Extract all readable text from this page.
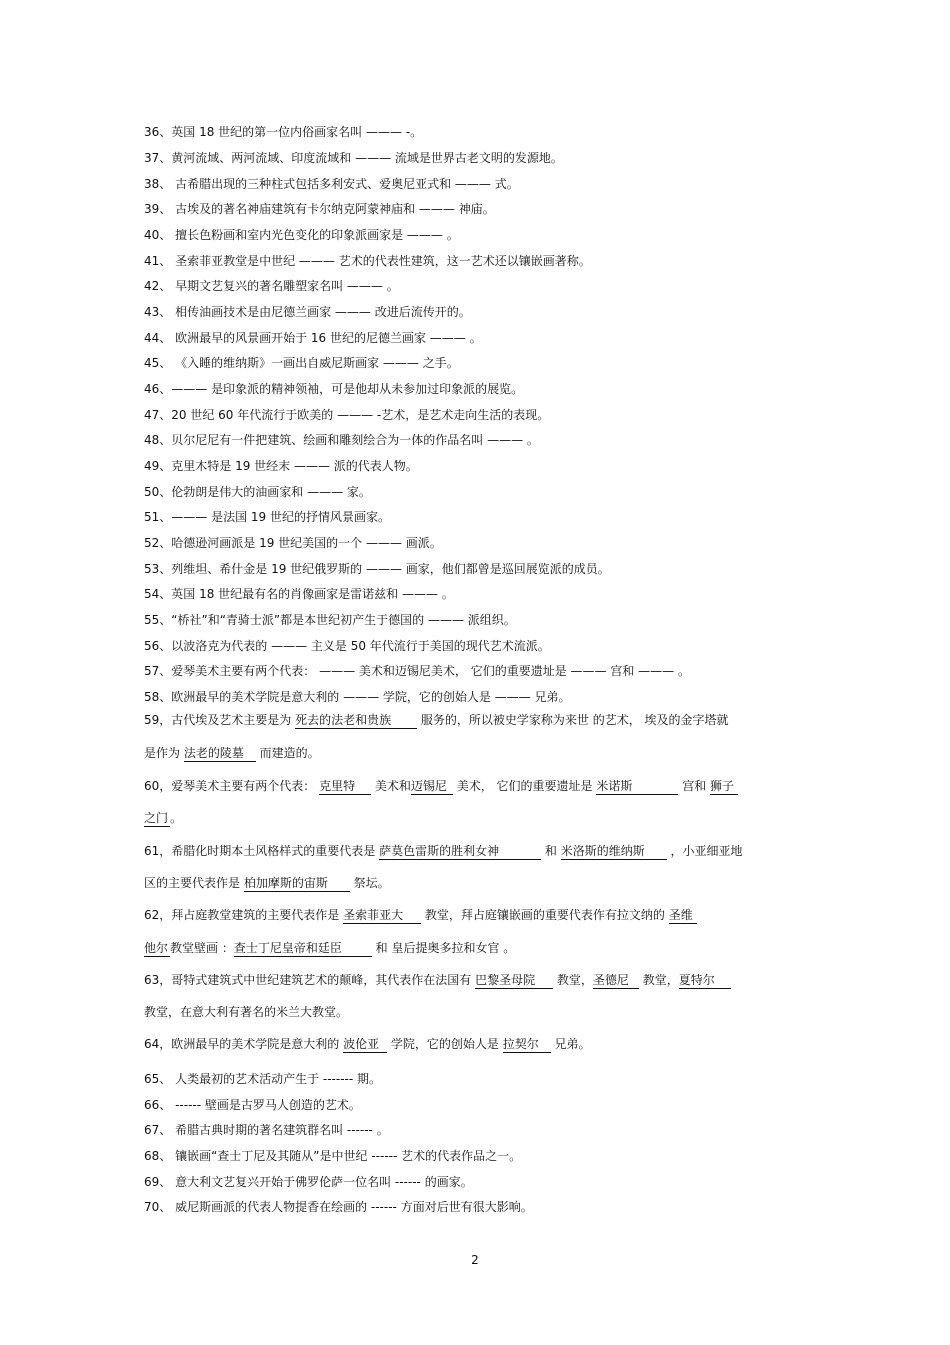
36、英国 18 世纪的第一位内俗画家名叫 ——— -。
37、黄河流域、两河流域、印度流域和 ——— 流域是世界古老文明的发源地。
38、 古希腊出现的三种柱式包括多利安式、爱奥尼亚式和 ——— 式。
39、 古埃及的著名神庙建筑有卡尔纳克阿蒙神庙和 ——— 神庙。
40、 擅长色粉画和室内光色变化的印象派画家是 ——— 。
41、 圣索菲亚教堂是中世纪 ——— 艺术的代表性建筑，这一艺术还以镶嵌画著称。
42、 早期文艺复兴的著名雕塑家名叫 ——— 。
43、 相传油画技术是由尼德兰画家 ——— 改进后流传开的。
44、 欧洲最早的风景画开始于 16 世纪的尼德兰画家 ——— 。
45、 《入睡的维纳斯》一画出自威尼斯画家 ——— 之手。
46、——— 是印象派的精神领袖，可是他却从未参加过印象派的展览。
47、20 世纪 60 年代流行于欧美的 ——— -艺术，是艺术走向生活的表现。
48、贝尔尼尼有一件把建筑、绘画和雕刻绘合为一体的作品名叫 ——— 。
49、克里木特是 19 世经末 ——— 派的代表人物。
50、伦勃朗是伟大的油画家和 ——— 家。
51、——— 是法国 19 世纪的抒情风景画家。
52、哈德逊河画派是 19 世纪美国的一个 ——— 画派。
53、列维坦、希什金是 19 世纪俄罗斯的 ——— 画家，他们都曾是巡回展览派的成员。
54、英国 18 世纪最有名的肖像画家是雷诺兹和 ——— 。
55、“桥社”和“青骑士派”都是本世纪初产生于德国的 ——— 派组织。
56、以波洛克为代表的 ——— 主义是 50 年代流行于美国的现代艺术流派。
57、爱琴美术主要有两个代表： ——— 美术和迈锡尼美术， 它们的重要遗址是 ——— 宫和 ——— 。
58、欧洲最早的美术学院是意大利的 ——— 学院，它的创始人是 ——— 兄弟。
59，古代埃及艺术主要是为 死去的法老和贵族 服务的，所以被史学家称为来世 的艺术， 埃及的金字塔就
是作为 法老的陵墓 而建造的。
60，爱琴美术主要有两个代表： 克里特 美术和迈锡尼 美术， 它们的重要遗址是 米诺斯	宫和 狮子
之门 。
61，希腊化时期本土风格样式的重要代表是 萨莫色雷斯的胜利女神	和 米洛斯的维纳斯 ，小亚细亚地
区的主要代表作是 柏加摩斯的宙斯 祭坛。
62，拜占庭教堂建筑的主要代表作是 圣索菲亚大 教堂，拜占庭镶嵌画的重要代表作有拉文纳的 圣维
他尔 教堂壁画 ：查士丁尼皇帝和廷臣 和 皇后提奥多拉和女官 。
63，哥特式建筑式中世纪建筑艺术的颠峰，其代表作在法国有 巴黎圣母院 教堂，圣德尼 教堂，夏特尔
教堂，在意大利有著名的米兰大教堂。
64，欧洲最早的美术学院是意大利的 波伦亚 学院，它的创始人是 拉契尔 兄弟。
65、 人类最初的艺术活动产生于 ------- 期。
66、 ------ 壁画是古罗马人创造的艺术。
67、 希腊古典时期的著名建筑群名叫 ------ 。
68、 镶嵌画“查士丁尼及其随从”是中世纪 ------ 艺术的代表作品之一。
69、 意大利文艺复兴开始于佛罗伦萨一位名叫 ------ 的画家。
70、 威尼斯画派的代表人物提香在绘画的 ------ 方面对后世有很大影响。
2
